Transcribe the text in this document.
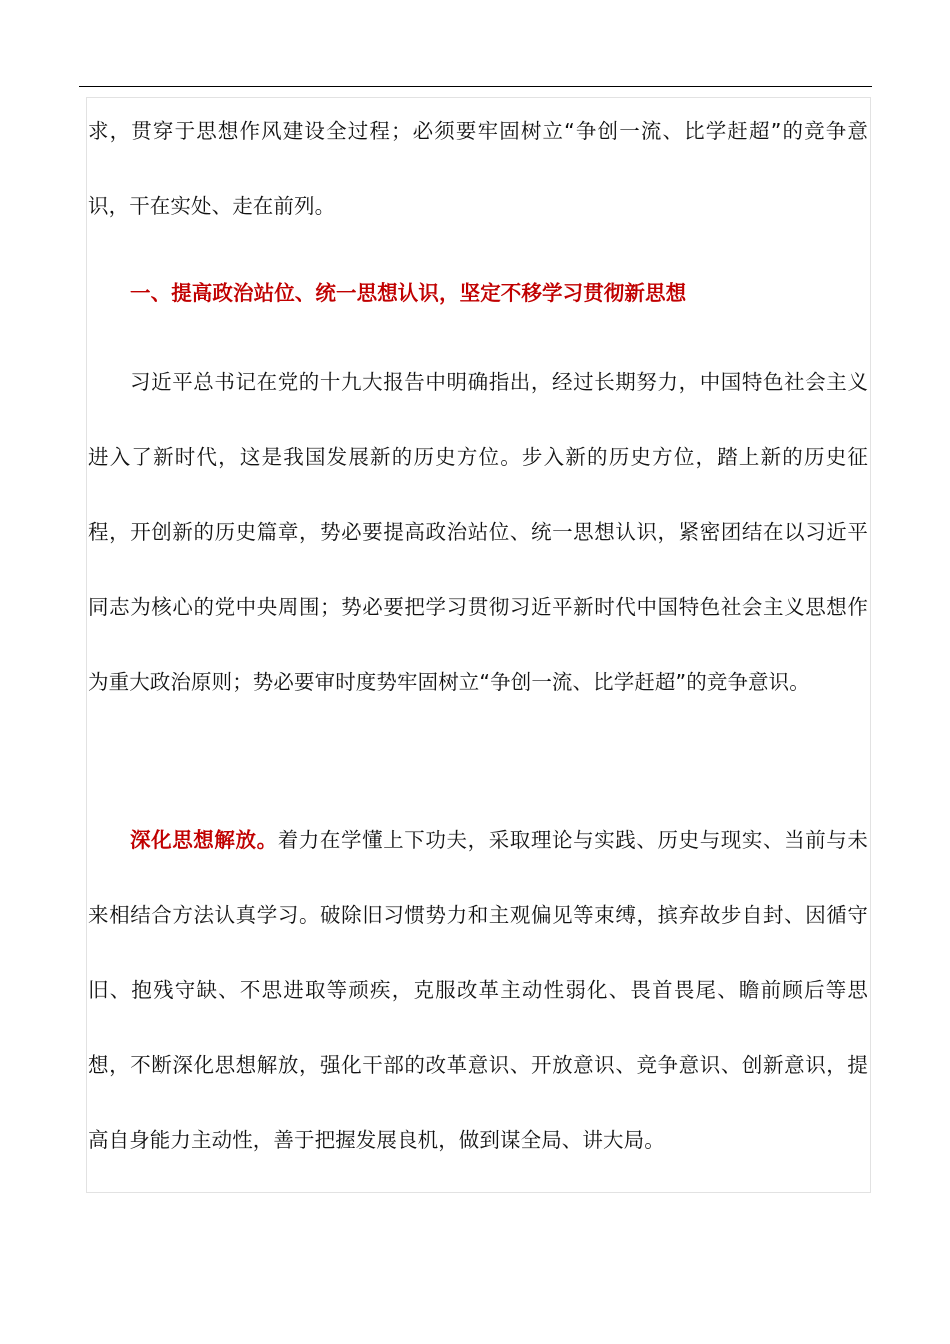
求，贯穿于思想作风建设全过程；必须要牢固树立“争创一流、比学赶超”的竞争意识，干在实处、走在前列。

一、提高政治站位、统一思想认识，坚定不移学习贯彻新思想

习近平总书记在党的十九大报告中明确指出，经过长期努力，中国特色社会主义进入了新时代，这是我国发展新的历史方位。步入新的历史方位，踏上新的历史征程，开创新的历史篇章，势必要提高政治站位、统一思想认识，紧密团结在以习近平同志为核心的党中央周围；势必要把学习贯彻习近平新时代中国特色社会主义思想作为重大政治原则；势必要审时度势牢固树立“争创一流、比学赶超”的竞争意识。

深化思想解放。着力在学懂上下功夫，采取理论与实践、历史与现实、当前与未来相结合方法认真学习。破除旧习惯势力和主观偏见等束缚，摈弃故步自封、因循守旧、抱残守缺、不思进取等顽疾，克服改革主动性弱化、畏首畏尾、瞻前顾后等思想，不断深化思想解放，强化干部的改革意识、开放意识、竞争意识、创新意识，提高自身能力主动性，善于把握发展良机，做到谋全局、讲大局。
